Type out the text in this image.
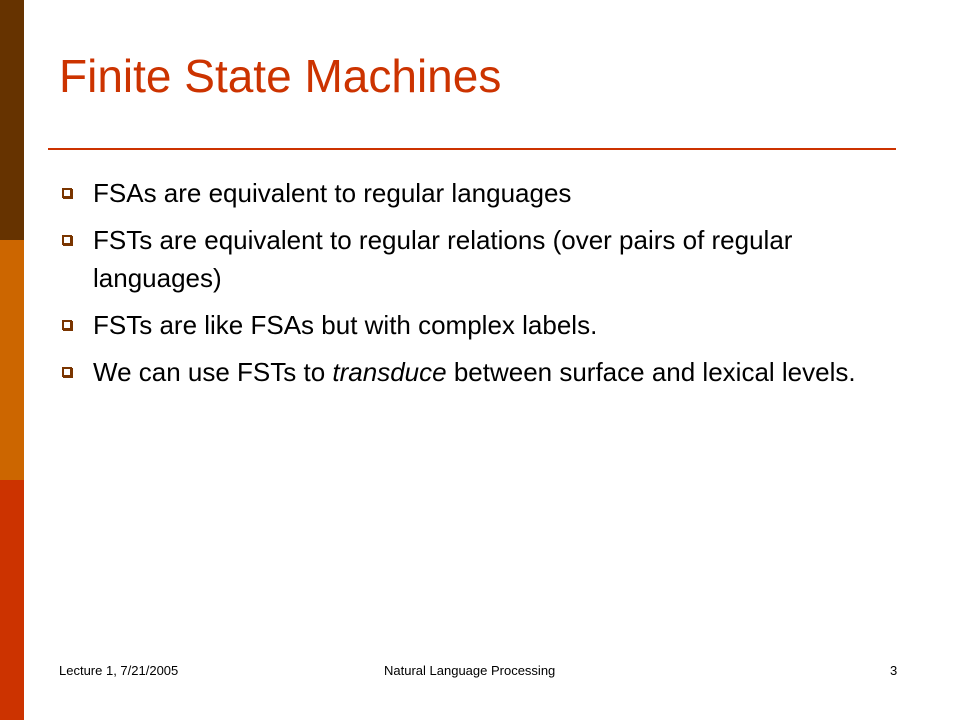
Finite State Machines
FSAs are equivalent to regular languages
FSTs are equivalent to regular relations (over pairs of regular languages)
FSTs are like FSAs but with complex labels.
We can use FSTs to transduce between surface and lexical levels.
Lecture 1, 7/21/2005	Natural Language Processing	3
